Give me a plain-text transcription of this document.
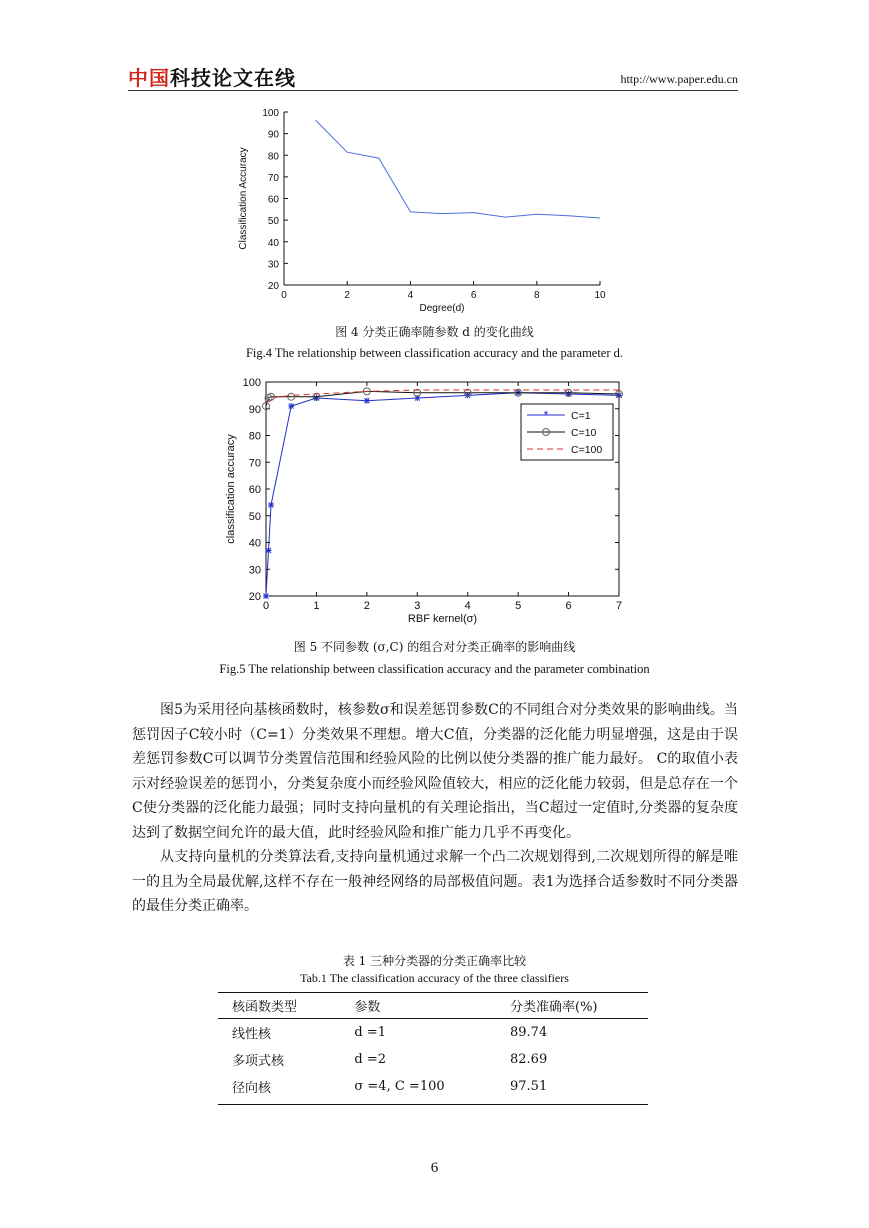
中国科技论文在线	http://www.paper.edu.cn
20
30
40
50
60
70
80
90
100
0	2	4	6	8	10
Degree(d)
Classification Accuracy
图 4 分类正确率随参数 d 的变化曲线
Fig.4 The relationship between classification accuracy and the parameter d.
20
30
40
50
60
70
80
90
100
0	1	2	3	4	5	6	7
RBF kernel(σ)
classification accuracy
* C=1
C=10
C=100
图 5 不同参数 (σ,C) 的组合对分类正确率的影响曲线
Fig.5 The relationship between classification accuracy and the parameter combination

图5为采用径向基核函数时，核参数σ和误差惩罚参数C的不同组合对分类效果的影响曲线。当惩罚因子C较小时（C=1）分类效果不理想。增大C值，分类器的泛化能力明显增强，这是由于误差惩罚参数C可以调节分类置信范围和经验风险的比例以使分类器的推广能力最好。 C的取值小表示对经验误差的惩罚小，分类复杂度小而经验风险值较大，相应的泛化能力较弱，但是总存在一个C使分类器的泛化能力最强；同时支持向量机的有关理论指出，当C超过一定值时,分类器的复杂度达到了数据空间允许的最大值，此时经验风险和推广能力几乎不再变化。

从支持向量机的分类算法看,支持向量机通过求解一个凸二次规划得到,二次规划所得的解是唯一的且为全局最优解,这样不存在一般神经网络的局部极值问题。表1为选择合适参数时不同分类器的最佳分类正确率。

表 1 三种分类器的分类正确率比较
Tab.1 The classification accuracy of the three classifiers
核函数类型	参数	分类准确率(%)
线性核	d =1	89.74
多项式核	d =2	82.69
径向核	σ =4, C =100	97.51
6
